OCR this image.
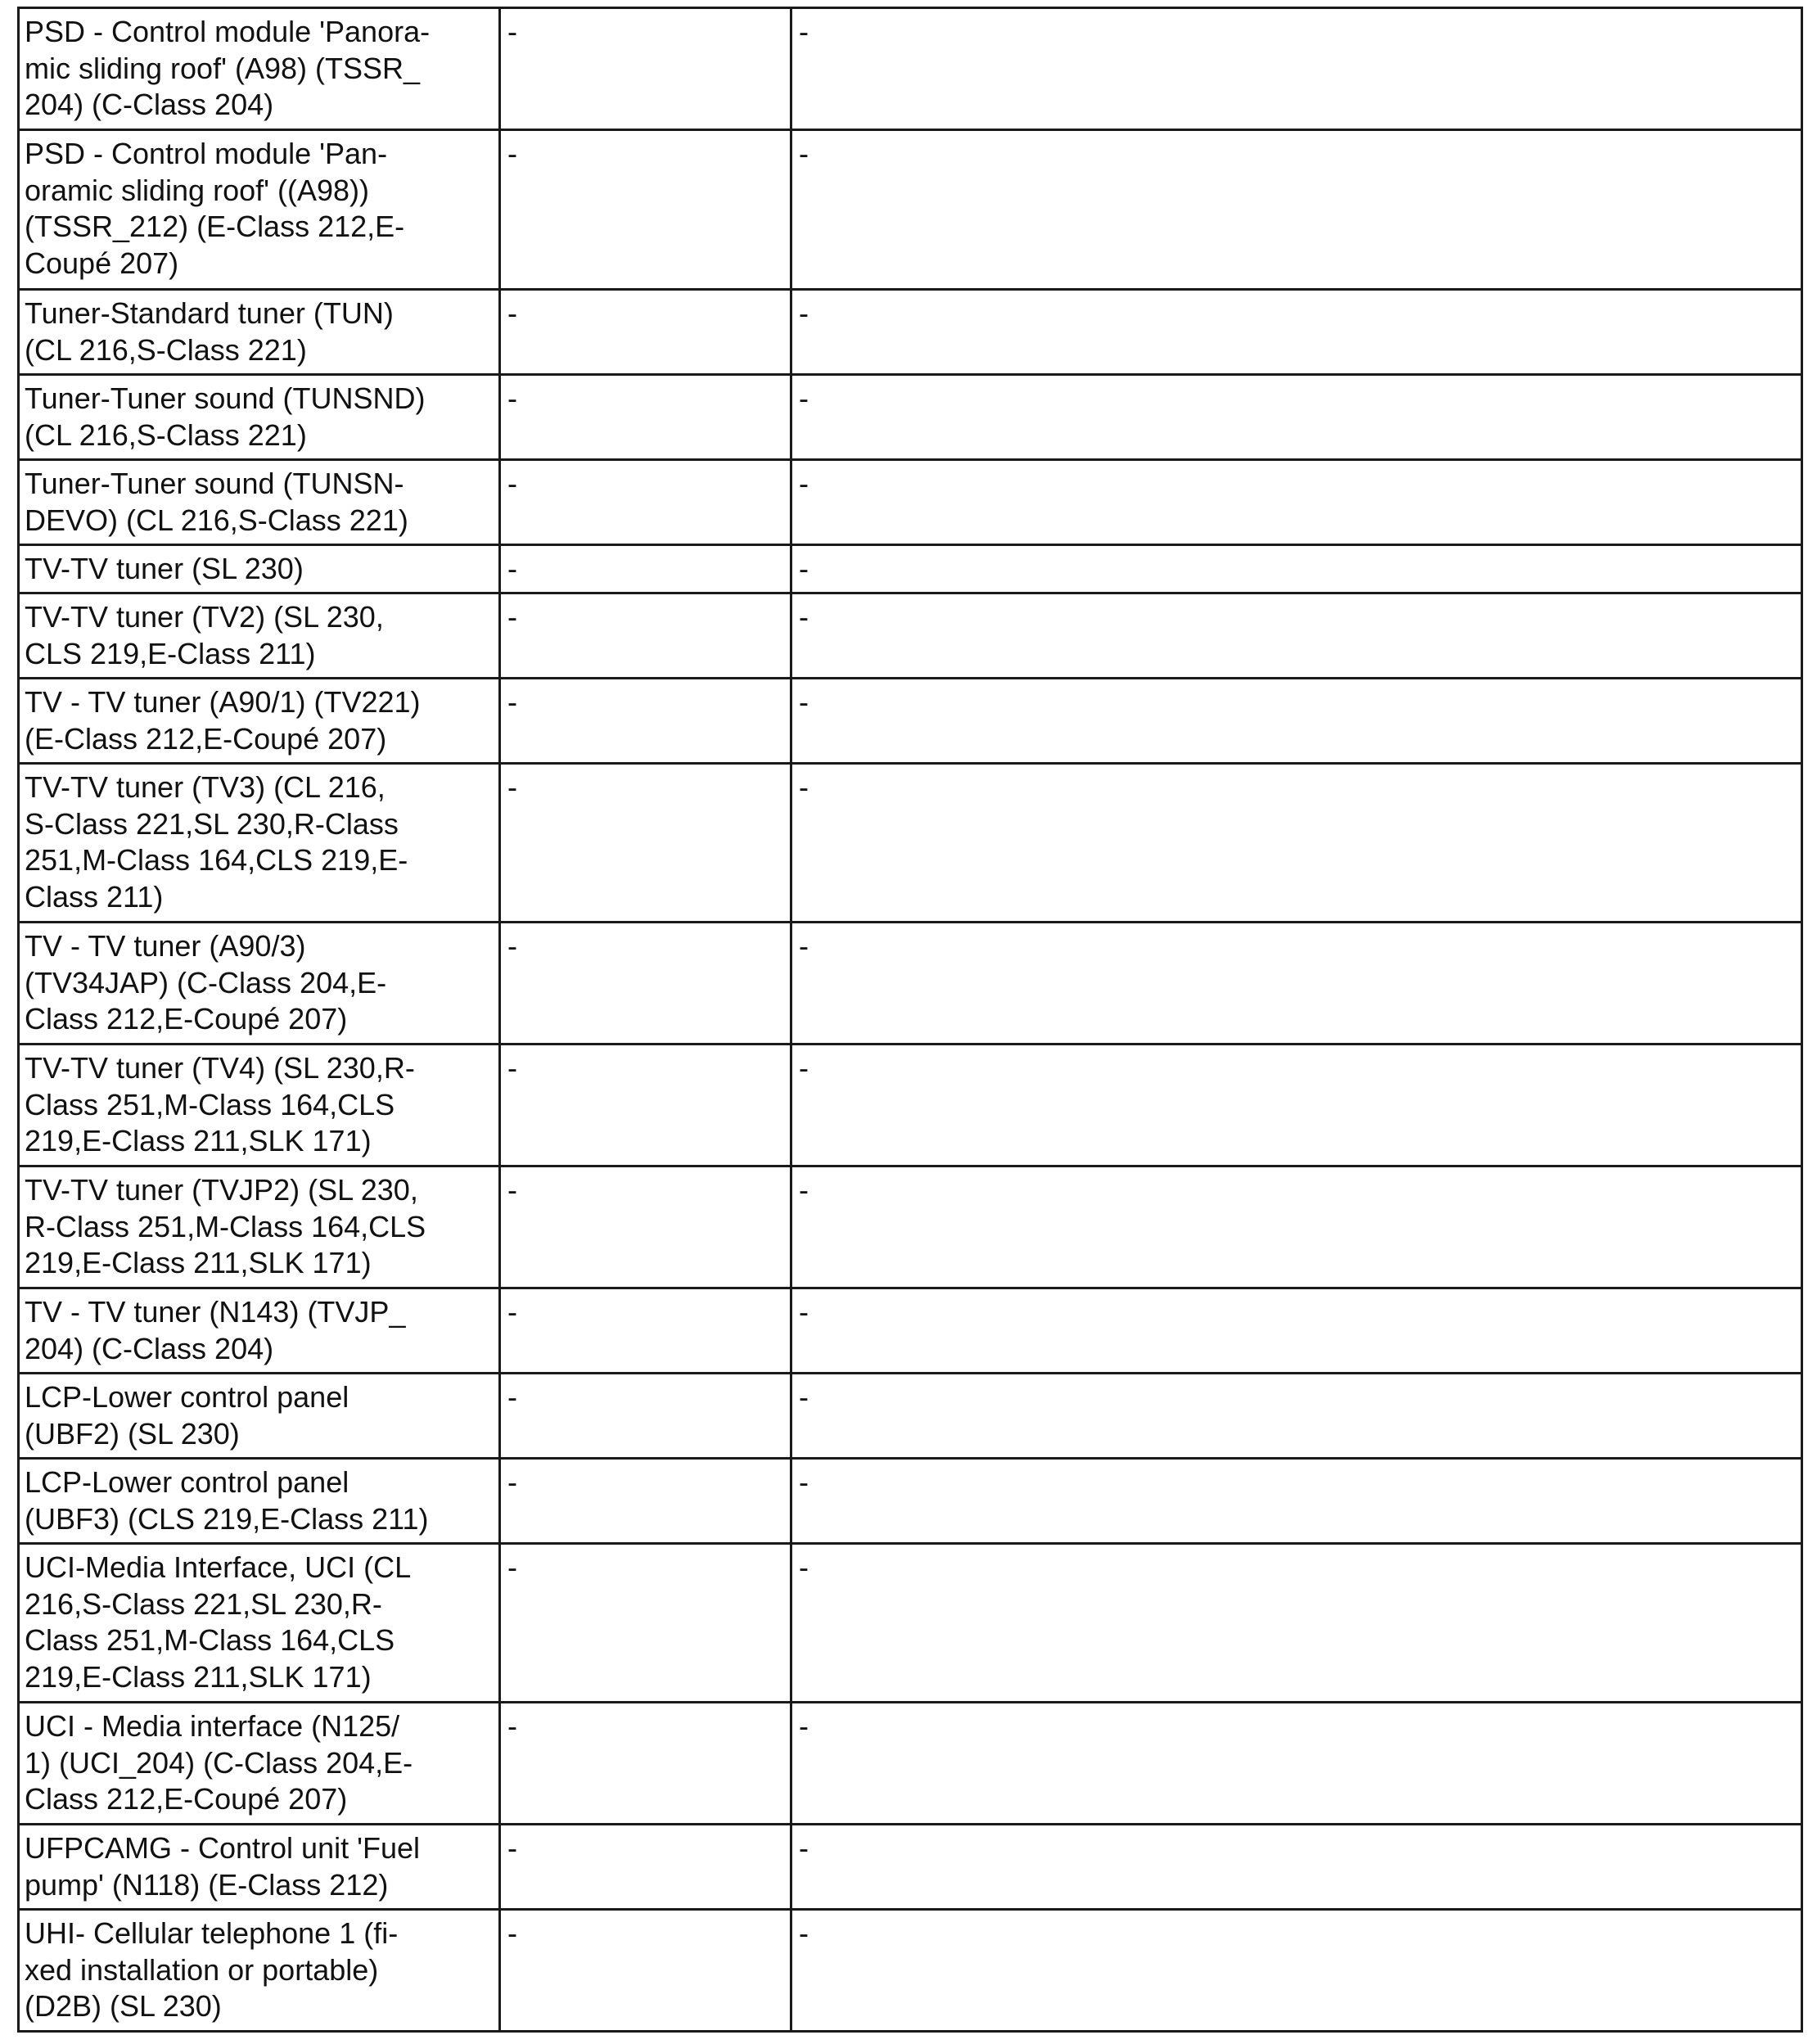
PSD - Control module 'Panora-
mic sliding roof' (A98) (TSSR_
204) (C-Class 204)	-	-
PSD - Control module 'Pan-
oramic sliding roof' ((A98))
(TSSR_212) (E-Class 212,E-
Coupé 207)	-	-
Tuner-Standard tuner (TUN)
(CL 216,S-Class 221)	-	-
Tuner-Tuner sound (TUNSND)
(CL 216,S-Class 221)	-	-
Tuner-Tuner sound (TUNSN-
DEVO) (CL 216,S-Class 221)	-	-
TV-TV tuner (SL 230)	-	-
TV-TV tuner (TV2) (SL 230,
CLS 219,E-Class 211)	-	-
TV - TV tuner (A90/1) (TV221)
(E-Class 212,E-Coupé 207)	-	-
TV-TV tuner (TV3) (CL 216,
S-Class 221,SL 230,R-Class
251,M-Class 164,CLS 219,E-
Class 211)	-	-
TV - TV tuner (A90/3)
(TV34JAP) (C-Class 204,E-
Class 212,E-Coupé 207)	-	-
TV-TV tuner (TV4) (SL 230,R-
Class 251,M-Class 164,CLS
219,E-Class 211,SLK 171)	-	-
TV-TV tuner (TVJP2) (SL 230,
R-Class 251,M-Class 164,CLS
219,E-Class 211,SLK 171)	-	-
TV - TV tuner (N143) (TVJP_
204) (C-Class 204)	-	-
LCP-Lower control panel
(UBF2) (SL 230)	-	-
LCP-Lower control panel
(UBF3) (CLS 219,E-Class 211)	-	-
UCI-Media Interface, UCI (CL
216,S-Class 221,SL 230,R-
Class 251,M-Class 164,CLS
219,E-Class 211,SLK 171)	-	-
UCI - Media interface (N125/
1) (UCI_204) (C-Class 204,E-
Class 212,E-Coupé 207)	-	-
UFPCAMG - Control unit 'Fuel
pump' (N118) (E-Class 212)	-	-
UHI- Cellular telephone 1 (fi-
xed installation or portable)
(D2B) (SL 230)	-	-
